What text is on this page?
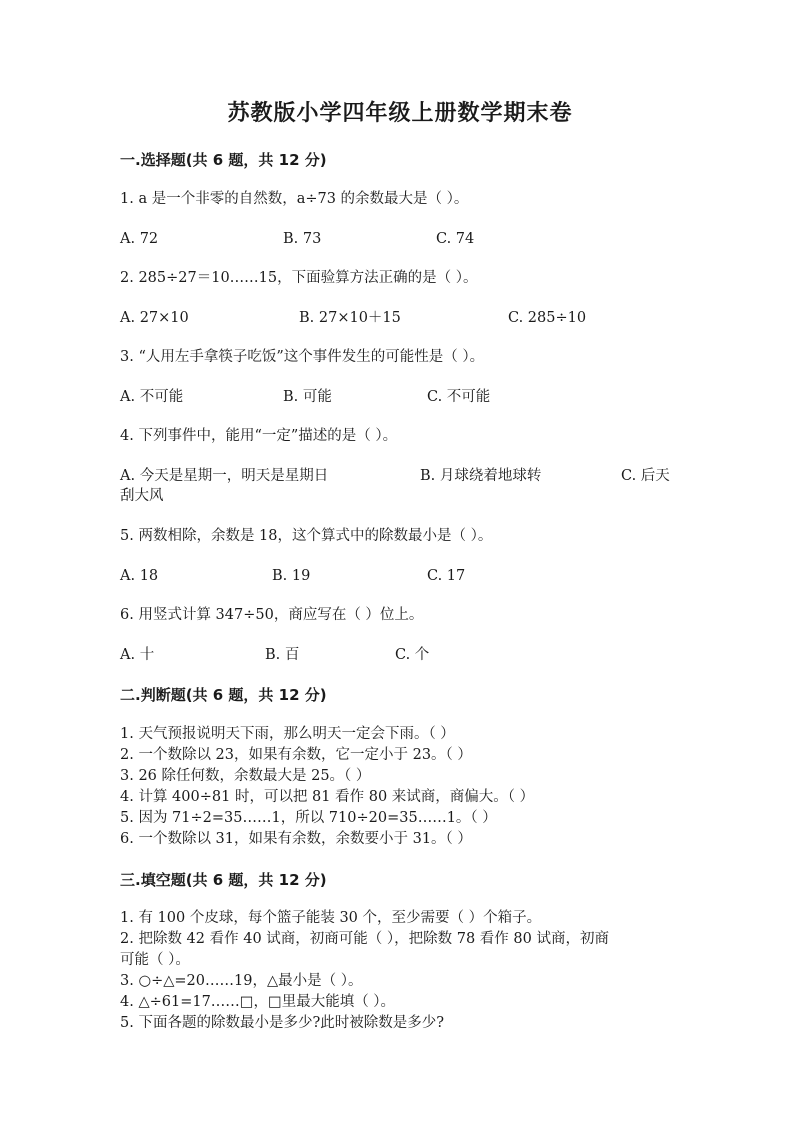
苏教版小学四年级上册数学期末卷
一.选择题(共 6 题，共 12 分)
1. a 是一个非零的自然数，a÷73 的余数最大是（ ）。
A. 72	B. 73	C. 74
2. 285÷27＝10……15，下面验算方法正确的是（ ）。
A. 27×10	B. 27×10＋15	C. 285÷10
3. “人用左手拿筷子吃饭”这个事件发生的可能性是（ ）。
A. 不可能	B. 可能	C. 不可能
4. 下列事件中，能用“一定”描述的是（ ）。
A. 今天是星期一，明天是星期日	B. 月球绕着地球转	C. 后天
刮大风
5. 两数相除，余数是 18，这个算式中的除数最小是（ ）。
A. 18	B. 19	C. 17
6. 用竖式计算 347÷50，商应写在（ ）位上。
A. 十	B. 百	C. 个
二.判断题(共 6 题，共 12 分)
1. 天气预报说明天下雨，那么明天一定会下雨。（ ）
2. 一个数除以 23，如果有余数，它一定小于 23。（ ）
3. 26 除任何数，余数最大是 25。（ ）
4. 计算 400÷81 时，可以把 81 看作 80 来试商，商偏大。（ ）
5. 因为 71÷2=35……1，所以 710÷20=35……1。（ ）
6. 一个数除以 31，如果有余数，余数要小于 31。（ ）
三.填空题(共 6 题，共 12 分)
1. 有 100 个皮球，每个篮子能装 30 个，至少需要（ ）个箱子。
2. 把除数 42 看作 40 试商，初商可能（ ），把除数 78 看作 80 试商，初商
可能（ ）。
3. ○÷△=20……19，△最小是（ ）。
4. △÷61=17……□，□里最大能填（ ）。
5. 下面各题的除数最小是多少?此时被除数是多少?
